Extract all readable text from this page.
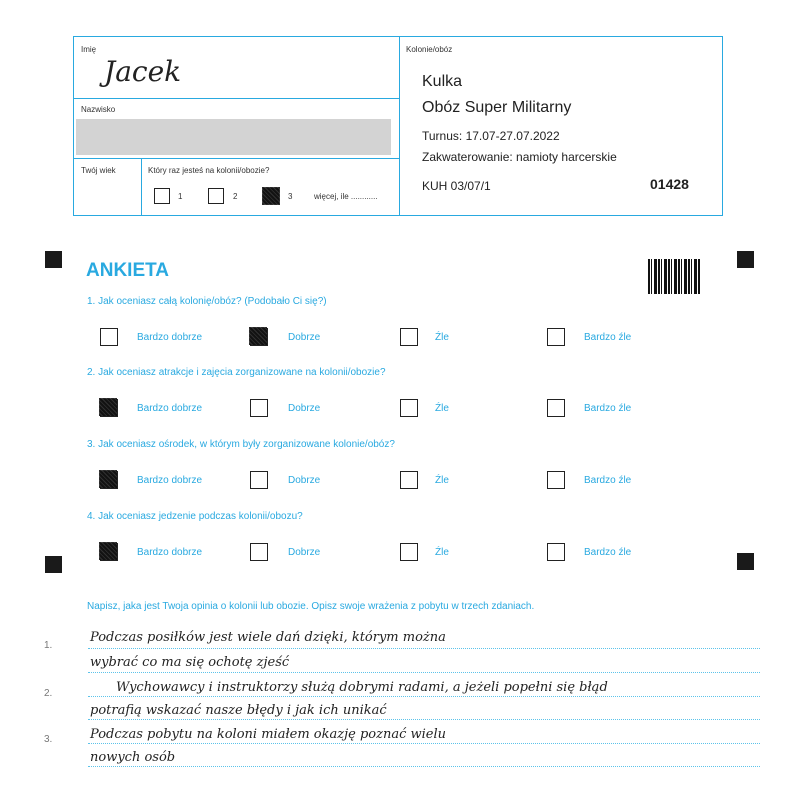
Imię
Jacek
Nazwisko
Twój wiek	Który raz jesteś na kolonii/obozie?
1	2	3	więcej, ile ............
Kolonie/obóz
Kulka
Obóz Super Militarny
Turnus: 17.07-27.07.2022
Zakwaterowanie: namioty harcerskie
KUH 03/07/1	01428
ANKIETA
1. Jak oceniasz całą kolonię/obóz? (Podobało Ci się?)
Bardzo dobrze	Dobrze	Źle	Bardzo źle
2. Jak oceniasz atrakcje i zajęcia zorganizowane na kolonii/obozie?
Bardzo dobrze	Dobrze	Źle	Bardzo źle
3. Jak oceniasz ośrodek, w którym były zorganizowane kolonie/obóz?
Bardzo dobrze	Dobrze	Źle	Bardzo źle
4. Jak oceniasz jedzenie podczas kolonii/obozu?
Bardzo dobrze	Dobrze	Źle	Bardzo źle
Napisz, jaka jest Twoja opinia o kolonii lub obozie. Opisz swoje wrażenia z pobytu w trzech zdaniach.
1.
2.
3.
Podczas posiłków jest wiele dań dzięki, którym można
wybrać co ma się ochotę zjeść
Wychowawcy i instruktorzy służą dobrymi radami, a jeżeli popełni się błąd
potrafią wskazać nasze błędy i jak ich unikać
Podczas pobytu na koloni miałem okazję poznać wielu
nowych osób
